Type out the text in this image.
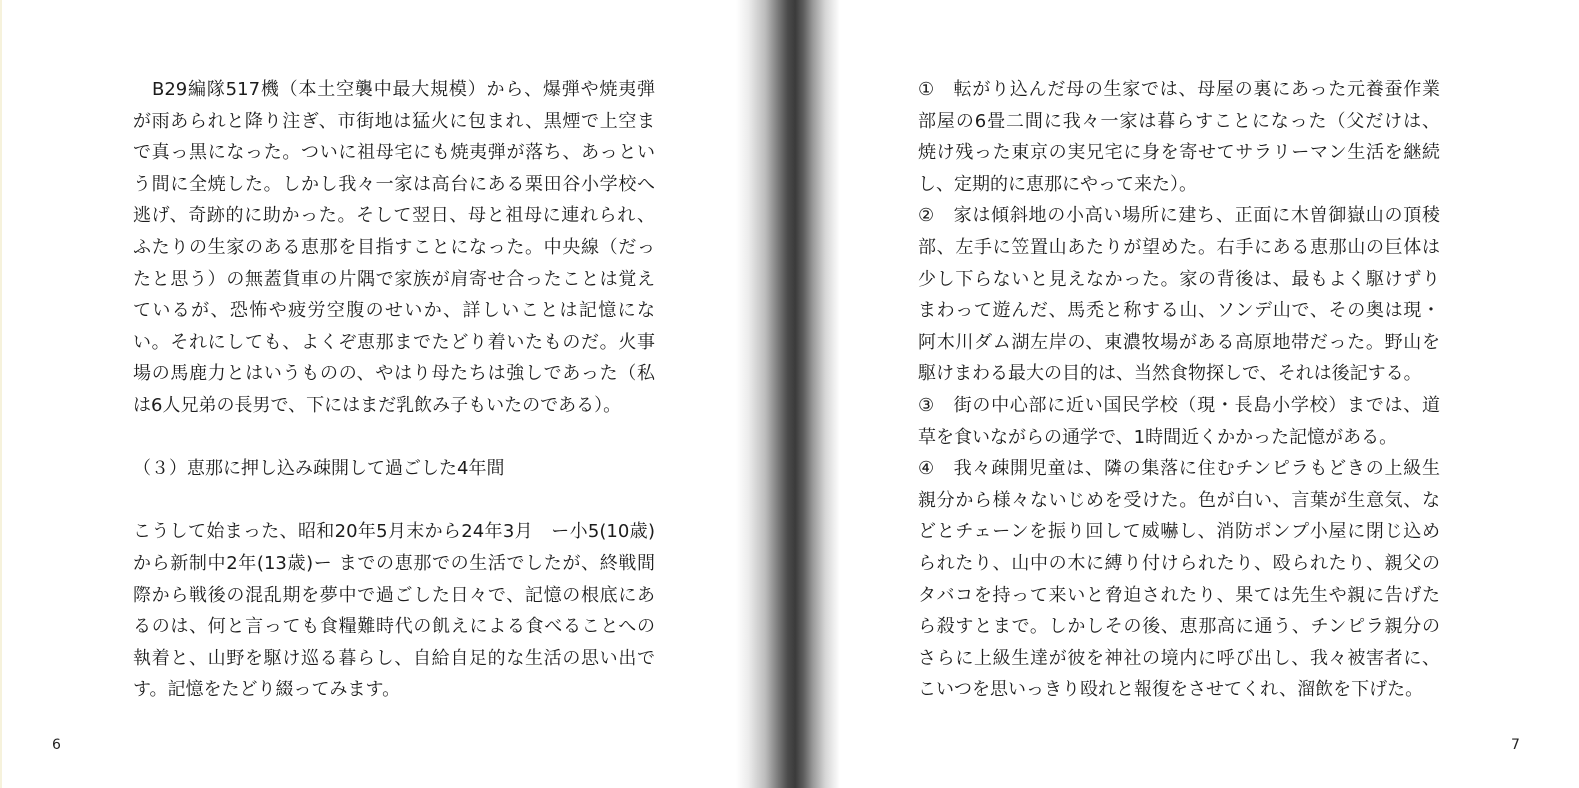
B29編隊517機（本土空襲中最大規模）から、爆弾や焼夷弾
が雨あられと降り注ぎ、市街地は猛火に包まれ、黒煙で上空ま
で真っ黒になった。ついに祖母宅にも焼夷弾が落ち、あっとい
う間に全焼した。しかし我々一家は高台にある栗田谷小学校へ
逃げ、奇跡的に助かった。そして翌日、母と祖母に連れられ、
ふたりの生家のある恵那を目指すことになった。中央線（だっ
たと思う）の無蓋貨車の片隅で家族が肩寄せ合ったことは覚え
ているが、恐怖や疲労空腹のせいか、詳しいことは記憶にな
い。それにしても、よくぞ恵那までたどり着いたものだ。火事
場の馬鹿力とはいうものの、やはり母たちは強しであった（私
は6人兄弟の長男で、下にはまだ乳飲み子もいたのである）。
（３）恵那に押し込み疎開して過ごした4年間
こうして始まった、昭和20年5月末から24年3月　ー小5(10歳)
から新制中2年(13歳)ー までの恵那での生活でしたが、終戦間
際から戦後の混乱期を夢中で過ごした日々で、記憶の根底にあ
るのは、何と言っても食糧難時代の飢えによる食べることへの
執着と、山野を駆け巡る暮らし、自給自足的な生活の思い出で
す。記憶をたどり綴ってみます。
6
①　転がり込んだ母の生家では、母屋の裏にあった元養蚕作業
部屋の6畳二間に我々一家は暮らすことになった（父だけは、
焼け残った東京の実兄宅に身を寄せてサラリーマン生活を継続
し、定期的に恵那にやって来た）。
②　家は傾斜地の小高い場所に建ち、正面に木曽御嶽山の頂稜
部、左手に笠置山あたりが望めた。右手にある恵那山の巨体は
少し下らないと見えなかった。家の背後は、最もよく駆けずり
まわって遊んだ、馬禿と称する山、ソンデ山で、その奥は現・
阿木川ダム湖左岸の、東濃牧場がある高原地帯だった。野山を
駆けまわる最大の目的は、当然食物探しで、それは後記する。
③　街の中心部に近い国民学校（現・長島小学校）までは、道
草を食いながらの通学で、1時間近くかかった記憶がある。
④　我々疎開児童は、隣の集落に住むチンピラもどきの上級生
親分から様々ないじめを受けた。色が白い、言葉が生意気、な
どとチェーンを振り回して威嚇し、消防ポンプ小屋に閉じ込め
られたり、山中の木に縛り付けられたり、殴られたり、親父の
タバコを持って来いと脅迫されたり、果ては先生や親に告げた
ら殺すとまで。しかしその後、恵那高に通う、チンピラ親分の
さらに上級生達が彼を神社の境内に呼び出し、我々被害者に、
こいつを思いっきり殴れと報復をさせてくれ、溜飲を下げた。
7
